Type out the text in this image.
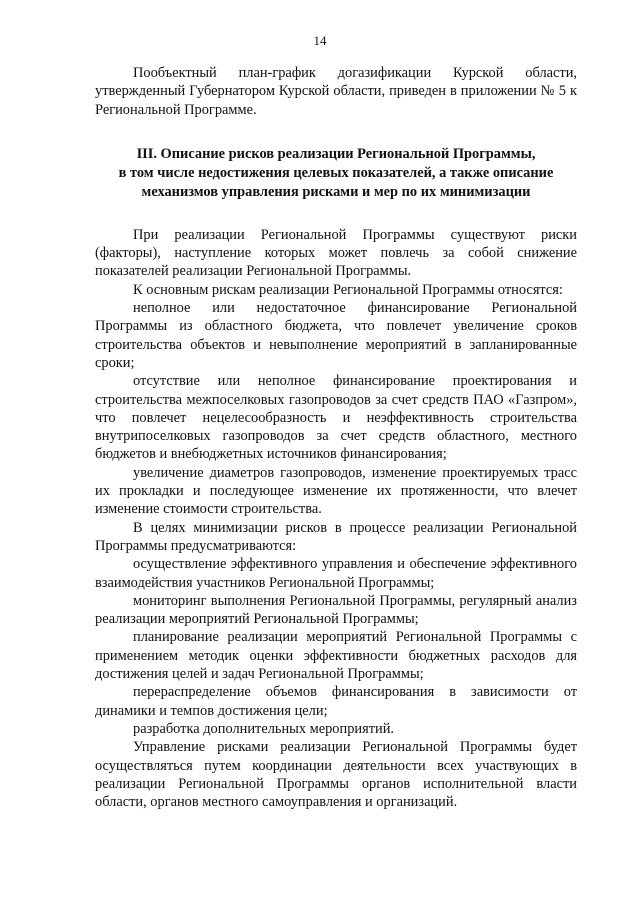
14

Пообъектный план-график догазификации Курской области, утвержденный Губернатором Курской области, приведен в приложении № 5 к Региональной Программе.

III. Описание рисков реализации Региональной Программы,
в том числе недостижения целевых показателей, а также описание
механизмов управления рисками и мер по их минимизации

При реализации Региональной Программы существуют риски (факторы), наступление которых может повлечь за собой снижение показателей реализации Региональной Программы.

К основным рискам реализации Региональной Программы относятся:

неполное или недостаточное финансирование Региональной Программы из областного бюджета, что повлечет увеличение сроков строительства объектов и невыполнение мероприятий в запланированные сроки;

отсутствие или неполное финансирование проектирования и строительства межпоселковых газопроводов за счет средств ПАО «Газпром», что повлечет нецелесообразность и неэффективность строительства внутрипоселковых газопроводов за счет средств областного, местного бюджетов и внебюджетных источников финансирования;

увеличение диаметров газопроводов, изменение проектируемых трасс их прокладки и последующее изменение их протяженности, что влечет изменение стоимости строительства.

В целях минимизации рисков в процессе реализации Региональной Программы предусматриваются:

осуществление эффективного управления и обеспечение эффективного взаимодействия участников Региональной Программы;

мониторинг выполнения Региональной Программы, регулярный анализ реализации мероприятий Региональной Программы;

планирование реализации мероприятий Региональной Программы с применением методик оценки эффективности бюджетных расходов для достижения целей и задач Региональной Программы;

перераспределение объемов финансирования в зависимости от динамики и темпов достижения цели;

разработка дополнительных мероприятий.

Управление рисками реализации Региональной Программы будет осуществляться путем координации деятельности всех участвующих в реализации Региональной Программы органов исполнительной власти области, органов местного самоуправления и организаций.
